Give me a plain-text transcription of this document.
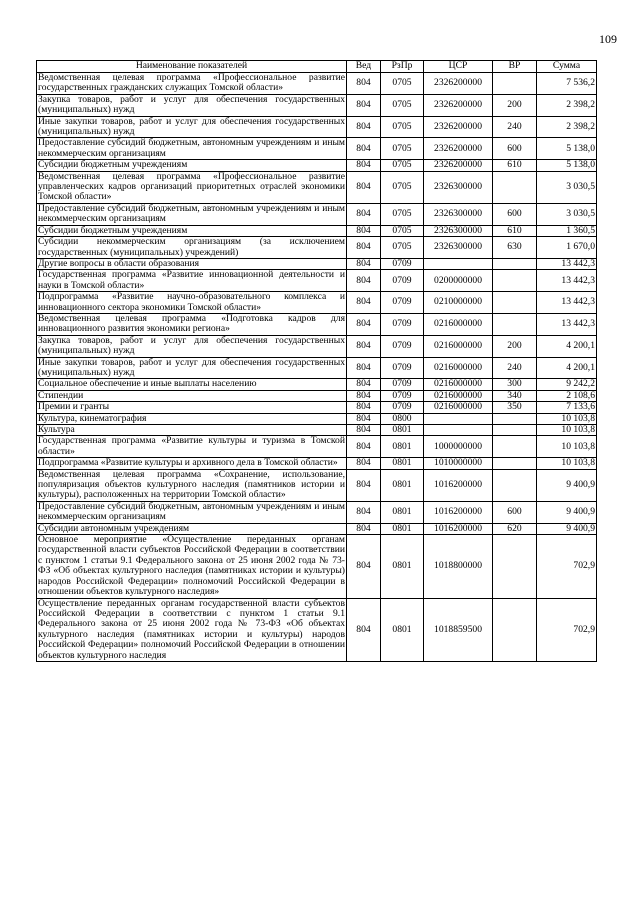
109
Наименование показателей	Вед	РзПр	ЦСР	ВР	Сумма
Ведомственная целевая программа «Профессиональное развитие государственных гражданских служащих Томской области»	804	0705	2326200000		7 536,2
Закупка товаров, работ и услуг для обеспечения государственных (муниципальных) нужд	804	0705	2326200000	200	2 398,2
Иные закупки товаров, работ и услуг для обеспечения государственных (муниципальных) нужд	804	0705	2326200000	240	2 398,2
Предоставление субсидий бюджетным, автономным учреждениям и иным некоммерческим организациям	804	0705	2326200000	600	5 138,0
Субсидии бюджетным учреждениям	804	0705	2326200000	610	5 138,0
Ведомственная целевая программа «Профессиональное развитие управленческих кадров организаций приоритетных отраслей экономики Томской области»	804	0705	2326300000		3 030,5
Предоставление субсидий бюджетным, автономным учреждениям и иным некоммерческим организациям	804	0705	2326300000	600	3 030,5
Субсидии бюджетным учреждениям	804	0705	2326300000	610	1 360,5
Субсидии некоммерческим организациям (за исключением государственных (муниципальных) учреждений)	804	0705	2326300000	630	1 670,0
Другие вопросы в области образования	804	0709			13 442,3
Государственная программа «Развитие инновационной деятельности и науки в Томской области»	804	0709	0200000000		13 442,3
Подпрограмма «Развитие научно-образовательного комплекса и инновационного сектора экономики Томской области»	804	0709	0210000000		13 442,3
Ведомственная целевая программа «Подготовка кадров для инновационного развития экономики региона»	804	0709	0216000000		13 442,3
Закупка товаров, работ и услуг для обеспечения государственных (муниципальных) нужд	804	0709	0216000000	200	4 200,1
Иные закупки товаров, работ и услуг для обеспечения государственных (муниципальных) нужд	804	0709	0216000000	240	4 200,1
Социальное обеспечение и иные выплаты населению	804	0709	0216000000	300	9 242,2
Стипендии	804	0709	0216000000	340	2 108,6
Премии и гранты	804	0709	0216000000	350	7 133,6
Культура, кинематография	804	0800			10 103,8
Культура	804	0801			10 103,8
Государственная программа «Развитие культуры и туризма в Томской области»	804	0801	1000000000		10 103,8
Подпрограмма «Развитие культуры и архивного дела в Томской области»	804	0801	1010000000		10 103,8
Ведомственная целевая программа «Сохранение, использование, популяризация объектов культурного наследия (памятников истории и культуры), расположенных на территории Томской области»	804	0801	1016200000		9 400,9
Предоставление субсидий бюджетным, автономным учреждениям и иным некоммерческим организациям	804	0801	1016200000	600	9 400,9
Субсидии автономным учреждениям	804	0801	1016200000	620	9 400,9
Основное мероприятие «Осуществление переданных органам государственной власти субъектов Российской Федерации в соответствии с пунктом 1 статьи 9.1 Федерального закона от 25 июня 2002 года № 73-ФЗ «Об объектах культурного наследия (памятниках истории и культуры) народов Российской Федерации» полномочий Российской Федерации в отношении объектов культурного наследия»	804	0801	1018800000		702,9
Осуществление переданных органам государственной власти субъектов Российской Федерации в соответствии с пунктом 1 статьи 9.1 Федерального закона от 25 июня 2002 года № 73-ФЗ «Об объектах культурного наследия (памятниках истории и культуры) народов Российской Федерации» полномочий Российской Федерации в отношении объектов культурного наследия	804	0801	1018859500		702,9
